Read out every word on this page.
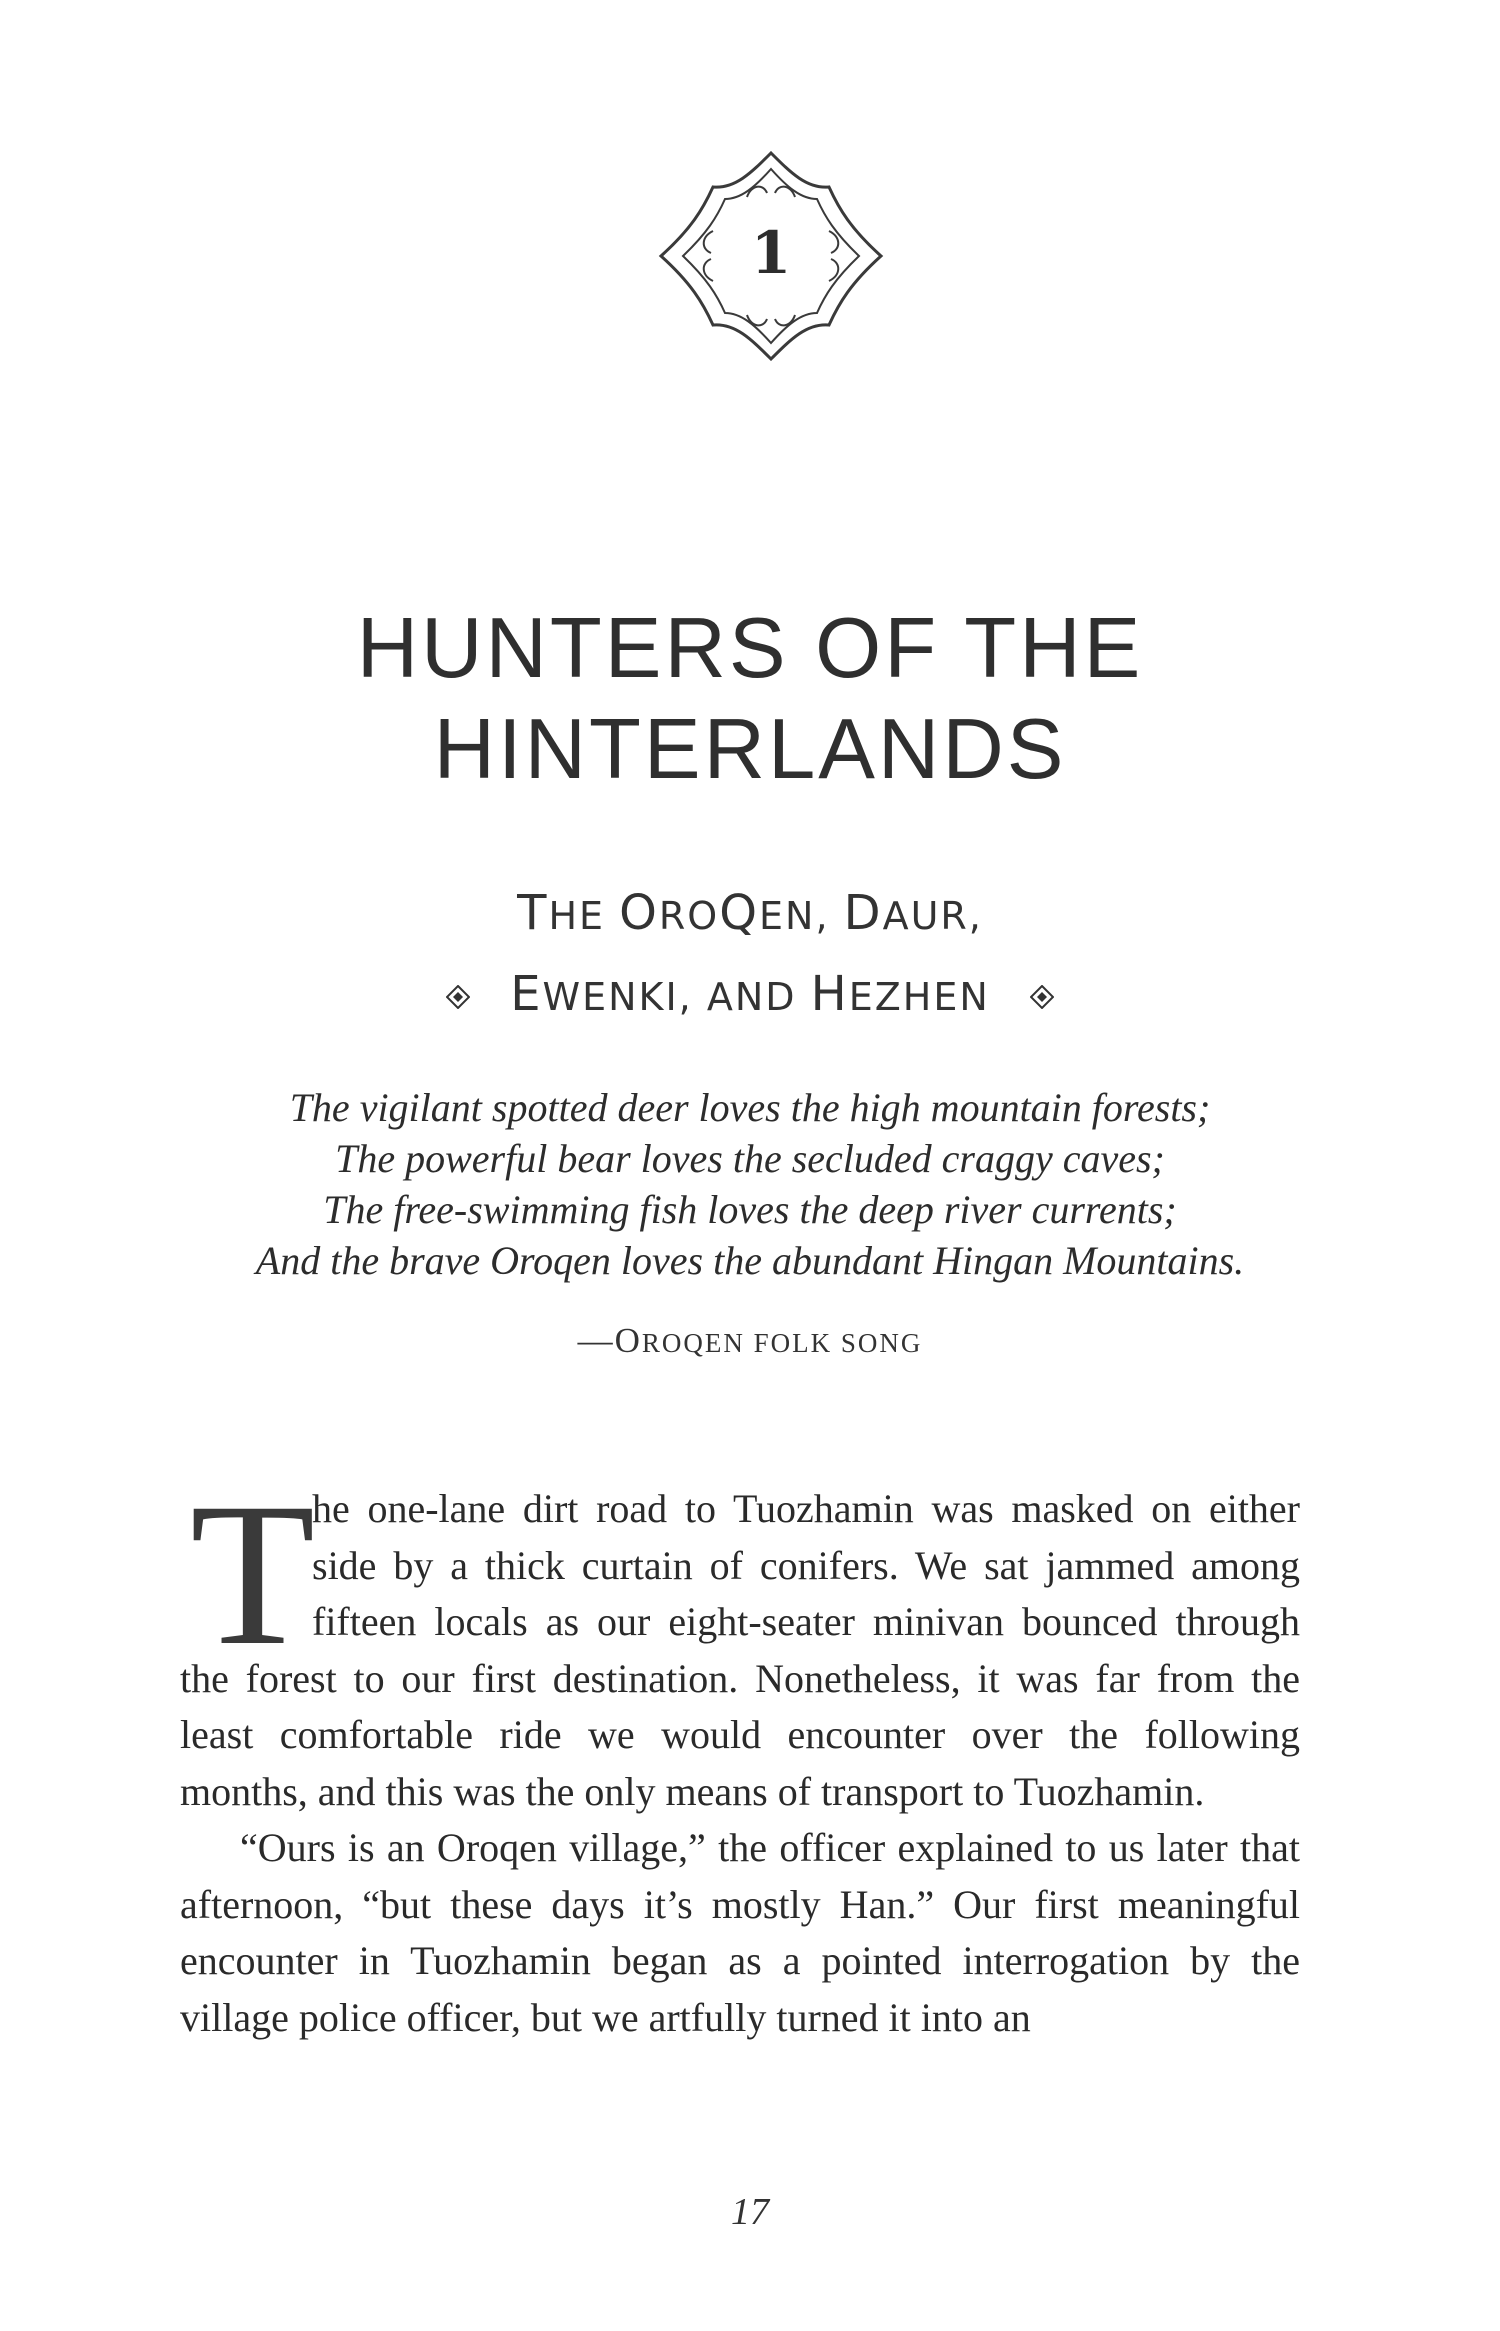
1
HUNTERS OF THE
HINTERLANDS
THE OROQEN, DAUR,
EWENKI, AND HEZHEN

The vigilant spotted deer loves the high mountain forests;

The powerful bear loves the secluded craggy caves;

The free-swimming fish loves the deep river currents;

And the brave Oroqen loves the abundant Hingan Mountains.

—OROQEN FOLK SONG
T

he one-lane dirt road to Tuozhamin was masked on either side by a thick curtain of conifers. We sat jammed among fifteen locals as our eight-seater minivan bounced through the forest to our first destination. Nonetheless, it was far from the least comfortable ride we would encounter over the following months, and this was the only means of transport to Tuozhamin.

“Ours is an Oroqen village,” the officer explained to us later that afternoon, “but these days it’s mostly Han.” Our first meaningful encounter in Tuozhamin began as a pointed interrogation by the village police officer, but we artfully turned it into an

17
